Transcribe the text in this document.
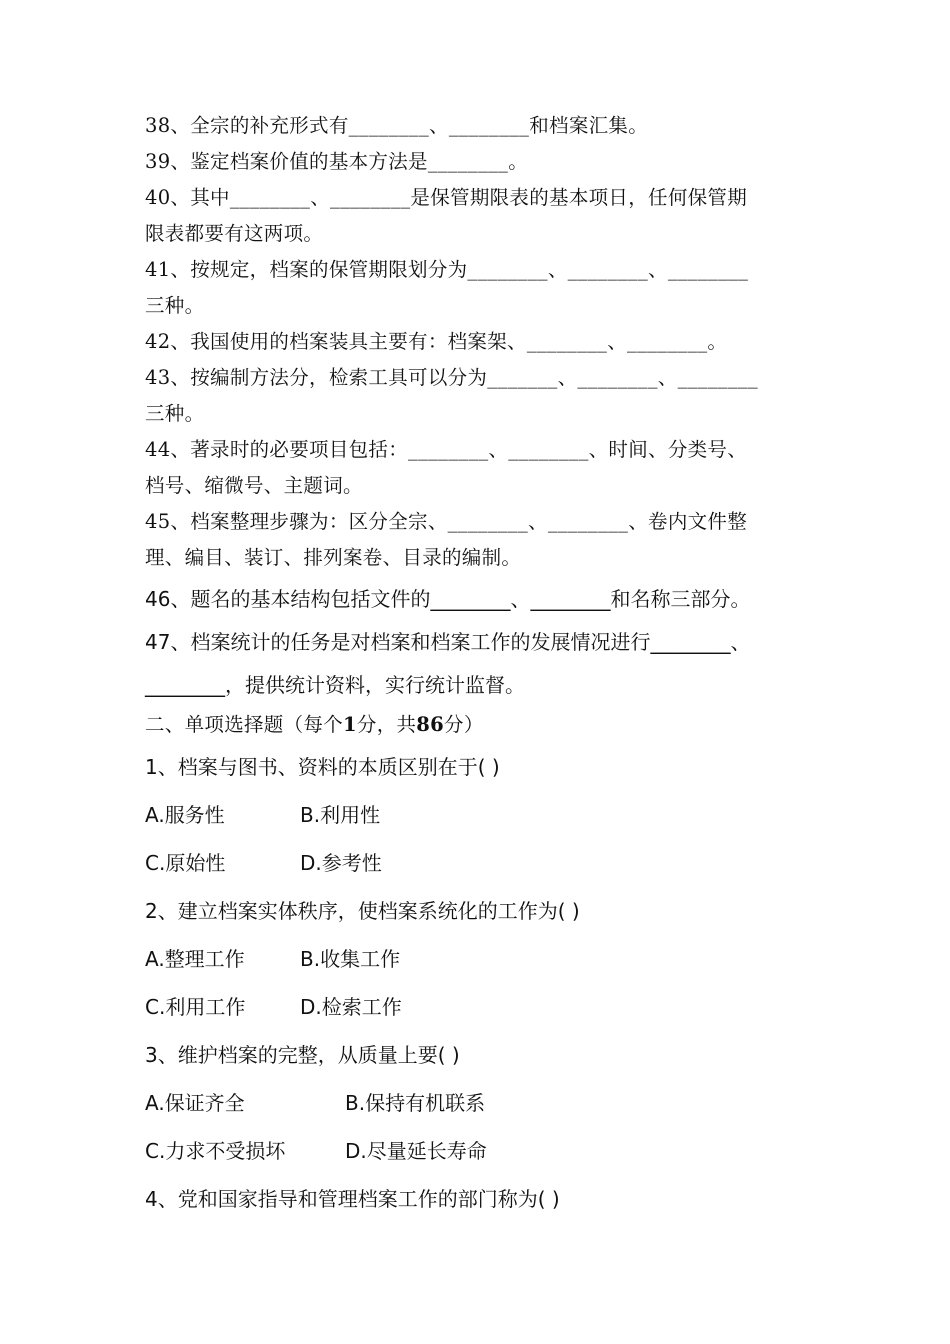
38、全宗的补充形式有________、________和档案汇集。
39、鉴定档案价值的基本方法是________。
40、其中________、________是保管期限表的基本项日，任何保管期
限表都要有这两项。
41、按规定，档案的保管期限划分为________、________、________
三种。
42、我国使用的档案装具主要有：档案架、________、________。
43、按编制方法分，检索工具可以分为_______、________、________
三种。
44、著录时的必要项目包括：________、________、时间、分类号、
档号、缩微号、主题词。
45、档案整理步骤为：区分全宗、________、________、卷内文件整
理、编目、装订、排列案卷、目录的编制。
46、题名的基本结构包括文件的________、________和名称三部分。
47、档案统计的任务是对档案和档案工作的发展情况进行________、
________，提供统计资料，实行统计监督。
二、单项选择题（每个1分，共86分）
1、档案与图书、资料的本质区别在于( )
A.服务性	B.利用性
C.原始性	D.参考性
2、建立档案实体秩序，使档案系统化的工作为( )
A.整理工作	B.收集工作
C.利用工作	D.检索工作
3、维护档案的完整，从质量上要( )
A.保证齐全	B.保持有机联系
C.力求不受损坏	D.尽量延长寿命
4、党和国家指导和管理档案工作的部门称为( )
